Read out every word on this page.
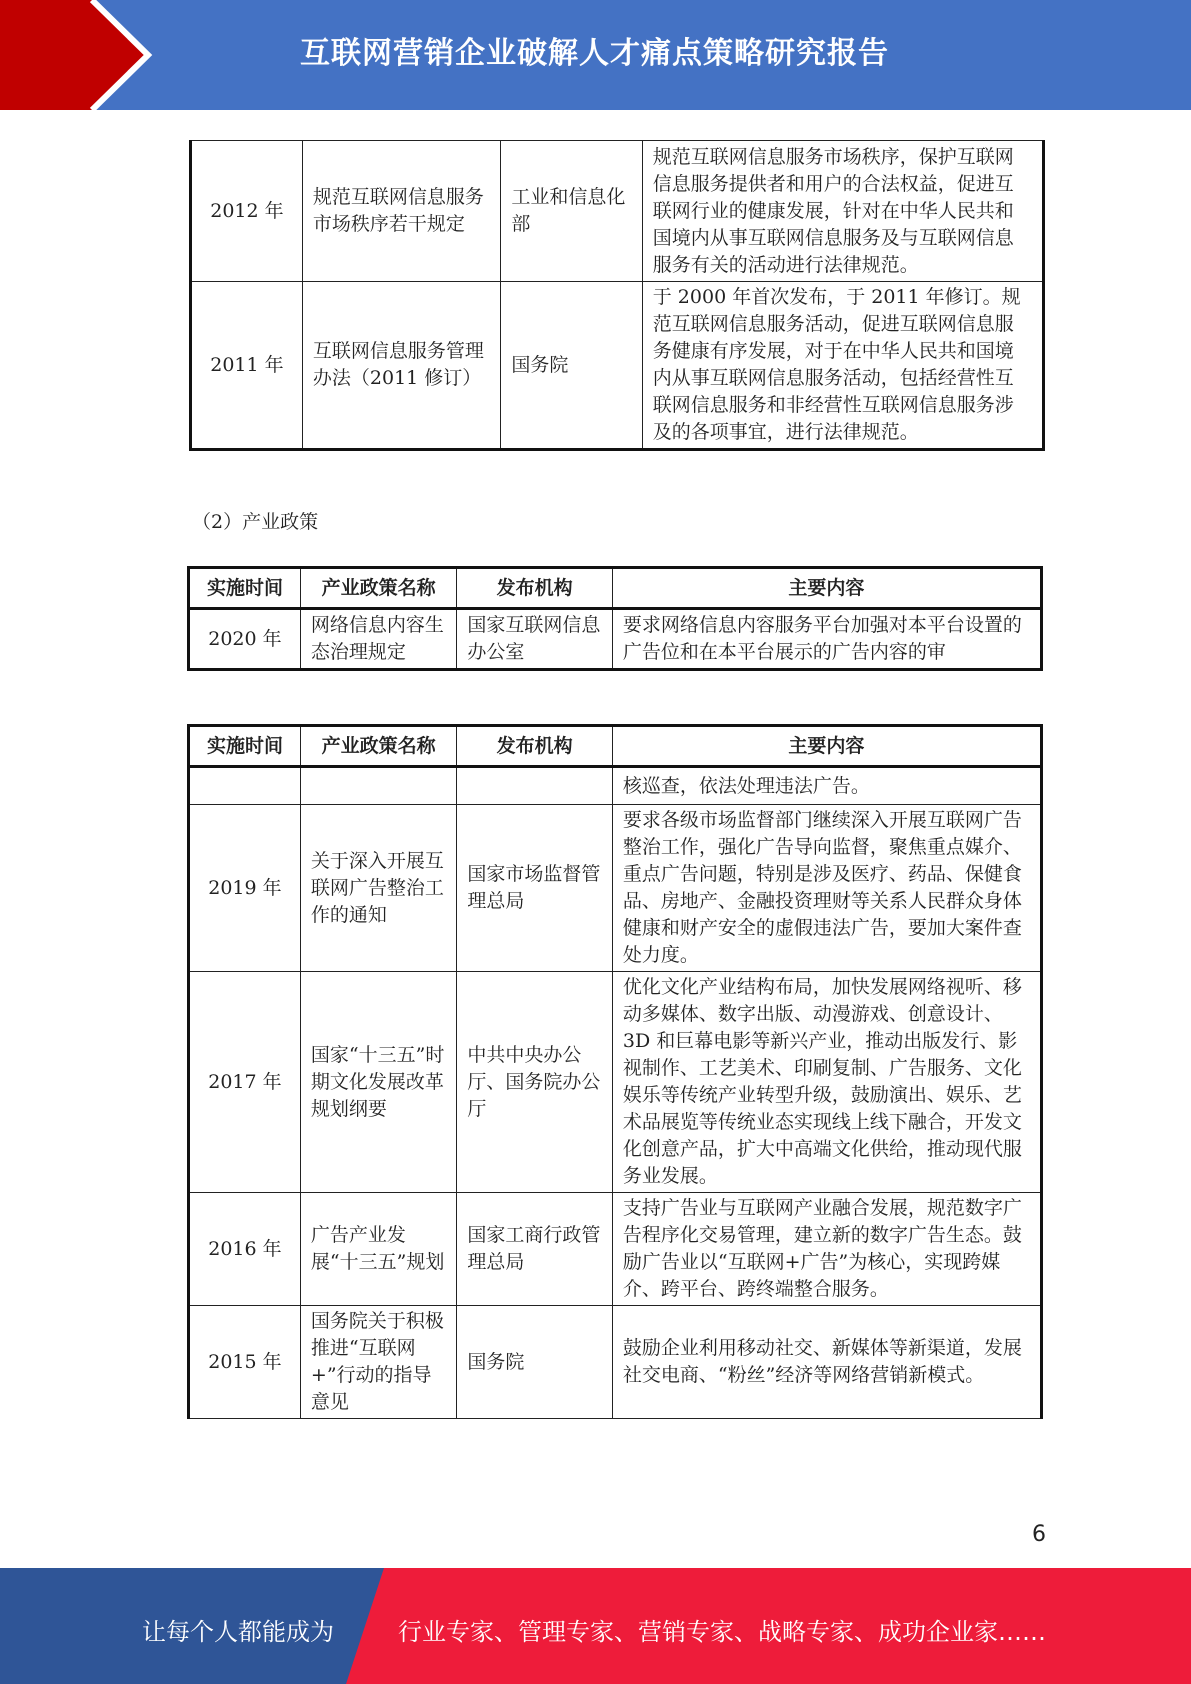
互联网营销企业破解人才痛点策略研究报告
2012 年	规范互联网信息服务市场秩序若干规定	工业和信息化部	规范互联网信息服务市场秩序，保护互联网信息服务提供者和用户的合法权益，促进互联网行业的健康发展，针对在中华人民共和国境内从事互联网信息服务及与互联网信息服务有关的活动进行法律规范。
2011 年	互联网信息服务管理办法（2011 修订）	国务院	于 2000 年首次发布，于 2011 年修订。规范互联网信息服务活动，促进互联网信息服务健康有序发展，对于在中华人民共和国境内从事互联网信息服务活动，包括经营性互联网信息服务和非经营性互联网信息服务涉及的各项事宜，进行法律规范。
（2）产业政策
实施时间	产业政策名称	发布机构	主要内容
2020 年	网络信息内容生态治理规定	国家互联网信息办公室	要求网络信息内容服务平台加强对本平台设置的广告位和在本平台展示的广告内容的审
实施时间	产业政策名称	发布机构	主要内容
			核巡查，依法处理违法广告。
2019 年	关于深入开展互联网广告整治工作的通知	国家市场监督管理总局	要求各级市场监督部门继续深入开展互联网广告整治工作，强化广告导向监督，聚焦重点媒介、重点广告问题，特别是涉及医疗、药品、保健食品、房地产、金融投资理财等关系人民群众身体健康和财产安全的虚假违法广告，要加大案件查处力度。
2017 年	国家“十三五”时期文化发展改革规划纲要	中共中央办公厅、国务院办公厅	优化文化产业结构布局，加快发展网络视听、移动多媒体、数字出版、动漫游戏、创意设计、3D 和巨幕电影等新兴产业，推动出版发行、影视制作、工艺美术、印刷复制、广告服务、文化娱乐等传统产业转型升级，鼓励演出、娱乐、艺术品展览等传统业态实现线上线下融合，开发文化创意产品，扩大中高端文化供给，推动现代服务业发展。
2016 年	广告产业发展“十三五”规划	国家工商行政管理总局	支持广告业与互联网产业融合发展，规范数字广告程序化交易管理，建立新的数字广告生态。鼓励广告业以“互联网+广告”为核心，实现跨媒介、跨平台、跨终端整合服务。
2015 年	国务院关于积极推进“互联网+”行动的指导意见	国务院	鼓励企业利用移动社交、新媒体等新渠道，发展社交电商、“粉丝”经济等网络营销新模式。
6
让每个人都能成为	行业专家、管理专家、营销专家、战略专家、成功企业家……
